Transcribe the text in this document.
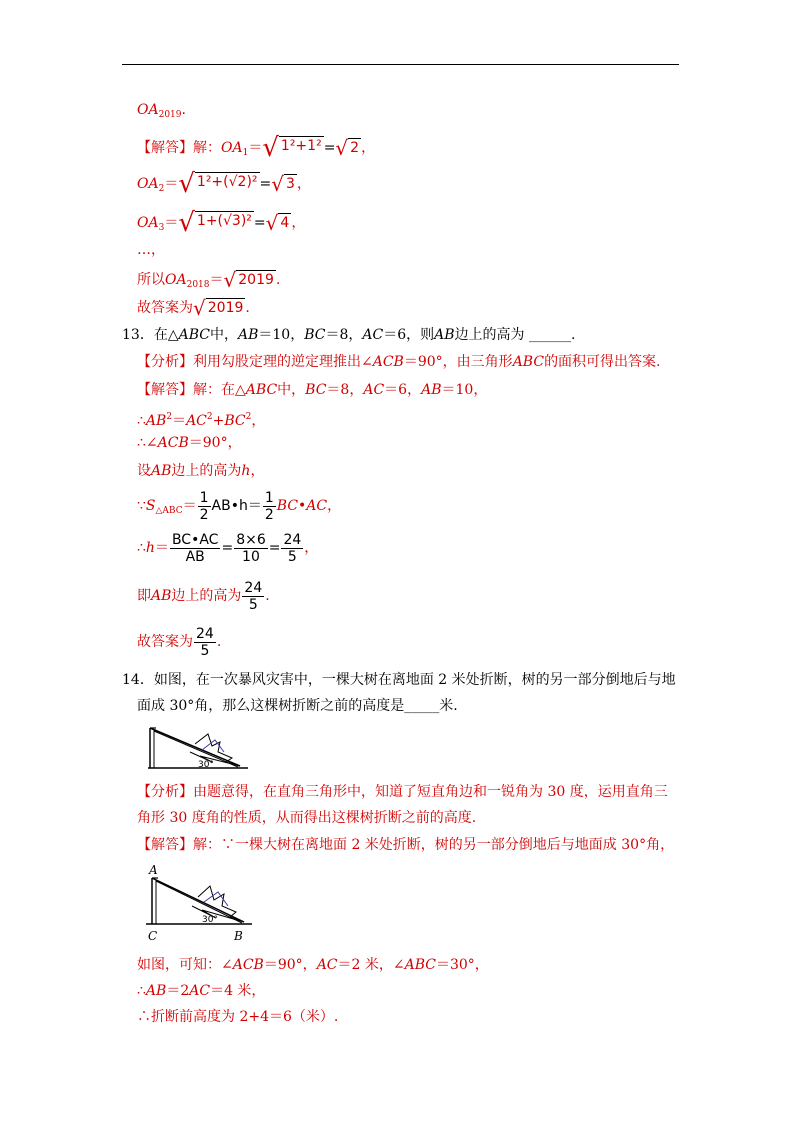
$OA_{2019}$.
【解答】解：$OA_1=$ √ 1²+1² = √ 2 ，
$OA_2=$ √ 1²+(√2)² = √ 3 ，
$OA_3=$ √ 1+(√3)² = √ 4 ，
…，
所以$OA_{2018}=$ √ 2019 .
故答案为 √ 2019 .
13．在△ABC中，AB＝10，BC＝8，AC＝6，则AB边上的高为 ______.
【分析】利用勾股定理的逆定理推出∠ACB＝90°，由三角形ABC的面积可得出答案.
【解答】解：在△ABC中，BC＝8，AC＝6，AB＝10，
$\therefore AB^2=AC^2+BC^2$，
∴∠ACB＝90°，
设AB边上的高为h，
$\because S_{\triangle ABC}= \frac{1}{2}$ AB•h＝ $\frac{1}{2}$ BC•AC，
∴h＝ $\frac{BC•AC}{AB} = \frac{8\times 6}{10} = \frac{24}{5}$ ，
即AB边上的高为 $\frac{24}{5}$ .
故答案为 $\frac{24}{5}$ .
14．如图，在一次暴风灾害中，一棵大树在离地面 2 米处折断，树的另一部分倒地后与地
面成 30°角，那么这棵树折断之前的高度是_____米.
30°
【分析】由题意得，在直角三角形中，知道了短直角边和一锐角为 30 度，运用直角三
角形 30 度角的性质，从而得出这棵树折断之前的高度.
【解答】解：∵一棵大树在离地面 2 米处折断，树的另一部分倒地后与地面成 30°角，
A
30°
C	B
如图，可知：∠ACB＝90°，AC＝2 米，∠ABC＝30°，
∴AB＝2AC＝4 米，
∴折断前高度为 2+4＝6（米）.
